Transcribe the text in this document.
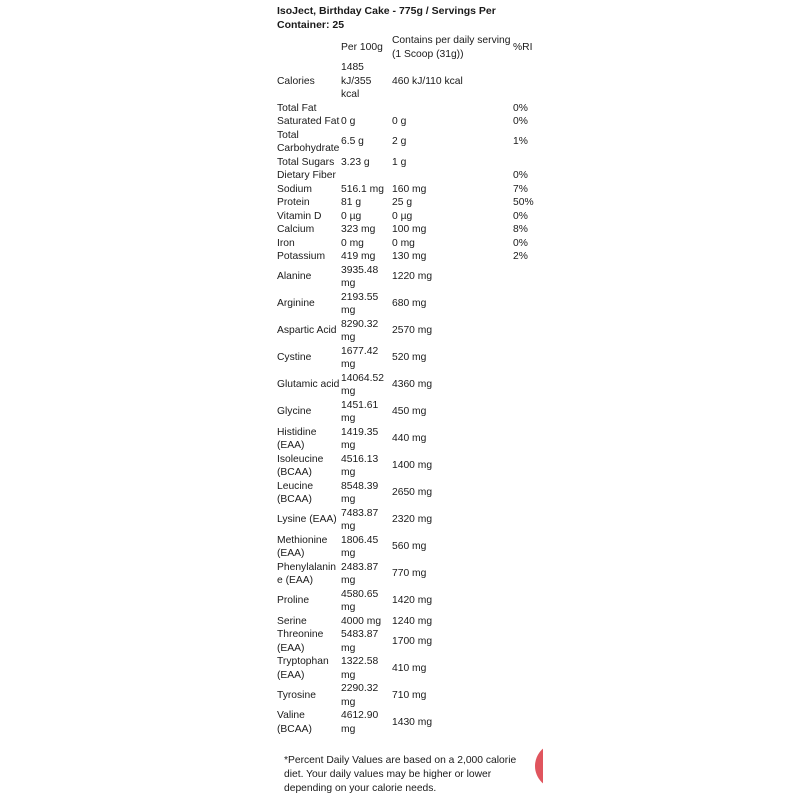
IsoJect, Birthday Cake - 775g / Servings Per Container: 25
	Per 100g	Contains per daily serving (1 Scoop (31g))	%RI
Calories	1485 kJ/355 kcal	460 kJ/110 kcal	
Total Fat			0%
Saturated Fat	0 g	0 g	0%
Total Carbohydrate	6.5 g	2 g	1%
Total Sugars	3.23 g	1 g	
Dietary Fiber			0%
Sodium	516.1 mg	160 mg	7%
Protein	81 g	25 g	50%
Vitamin D	0 µg	0 µg	0%
Calcium	323 mg	100 mg	8%
Iron	0 mg	0 mg	0%
Potassium	419 mg	130 mg	2%
Alanine	3935.48 mg	1220 mg	
Arginine	2193.55 mg	680 mg	
Aspartic Acid	8290.32 mg	2570 mg	
Cystine	1677.42 mg	520 mg	
Glutamic acid	14064.52 mg	4360 mg	
Glycine	1451.61 mg	450 mg	
Histidine (EAA)	1419.35 mg	440 mg	
Isoleucine (BCAA)	4516.13 mg	1400 mg	
Leucine (BCAA)	8548.39 mg	2650 mg	
Lysine (EAA)	7483.87 mg	2320 mg	
Methionine (EAA)	1806.45 mg	560 mg	
Phenylalanine (EAA)	2483.87 mg	770 mg	
Proline	4580.65 mg	1420 mg	
Serine	4000 mg	1240 mg	
Threonine (EAA)	5483.87 mg	1700 mg	
Tryptophan (EAA)	1322.58 mg	410 mg	
Tyrosine	2290.32 mg	710 mg	
Valine (BCAA)	4612.90 mg	1430 mg	
*Percent Daily Values are based on a 2,000 calorie diet. Your daily values may be higher or lower depending on your calorie needs.
